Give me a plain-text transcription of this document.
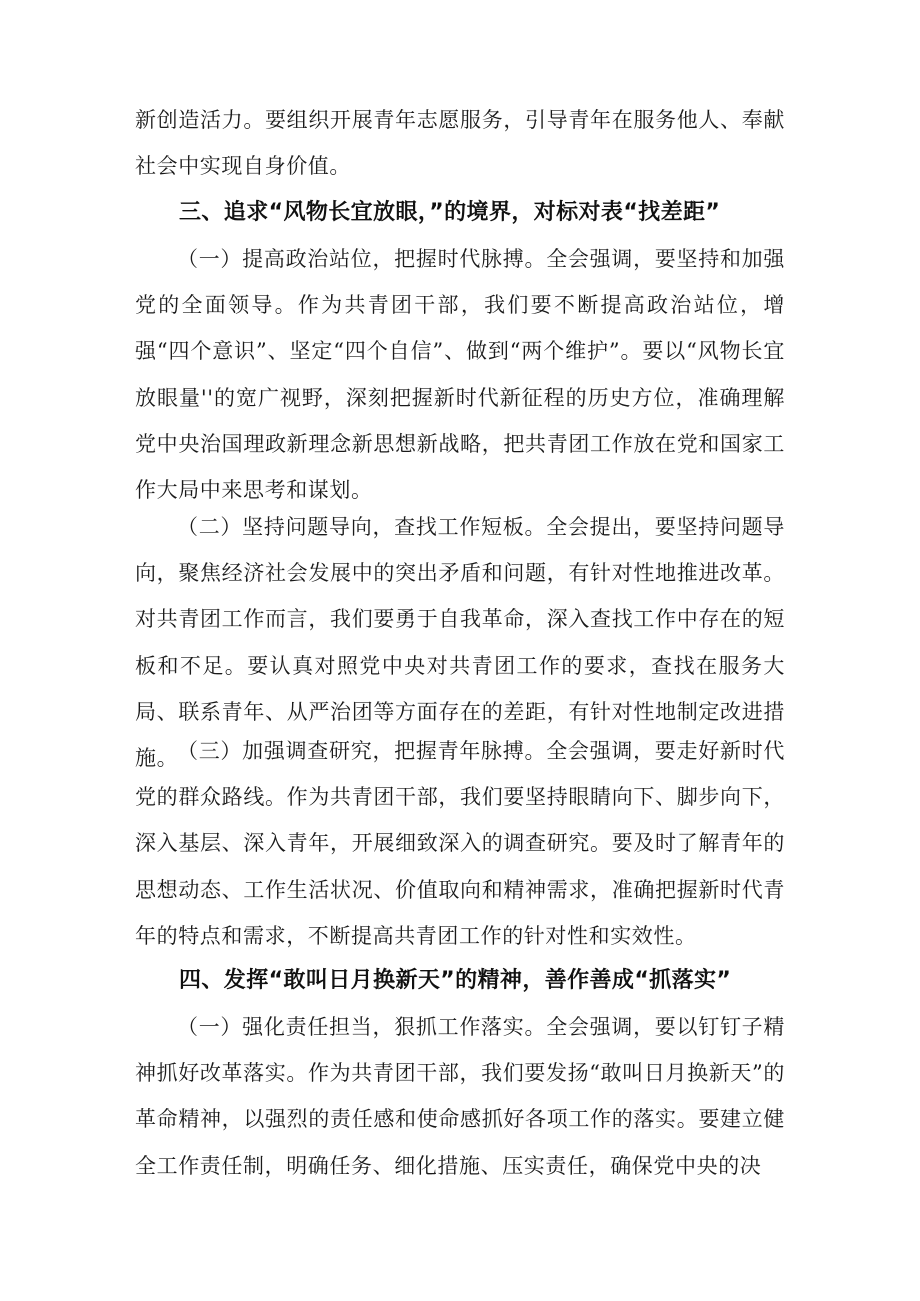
新创造活力。要组织开展青年志愿服务，引导青年在服务他人、奉献社会中实现自身价值。

三、追求“风物长宜放眼，”的境界，对标对表“找差距”

（一）提高政治站位，把握时代脉搏。全会强调，要坚持和加强党的全面领导。作为共青团干部，我们要不断提高政治站位，增强“四个意识”、坚定“四个自信”、做到“两个维护”。要以“风物长宜放眼量''的宽广视野，深刻把握新时代新征程的历史方位，准确理解党中央治国理政新理念新思想新战略，把共青团工作放在党和国家工作大局中来思考和谋划。

（二）坚持问题导向，查找工作短板。全会提出，要坚持问题导向，聚焦经济社会发展中的突出矛盾和问题，有针对性地推进改革。对共青团工作而言，我们要勇于自我革命，深入查找工作中存在的短板和不足。要认真对照党中央对共青团工作的要求，查找在服务大局、联系青年、从严治团等方面存在的差距，有针对性地制定改进措施。

（三）加强调查研究，把握青年脉搏。全会强调，要走好新时代党的群众路线。作为共青团干部，我们要坚持眼睛向下、脚步向下，深入基层、深入青年，开展细致深入的调查研究。要及时了解青年的思想动态、工作生活状况、价值取向和精神需求，准确把握新时代青年的特点和需求，不断提高共青团工作的针对性和实效性。

四、发挥“敢叫日月换新天”的精神，善作善成“抓落实”

（一）强化责任担当，狠抓工作落实。全会强调，要以钉钉子精神抓好改革落实。作为共青团干部，我们要发扬“敢叫日月换新天”的革命精神，以强烈的责任感和使命感抓好各项工作的落实。要建立健全工作责任制，明确任务、细化措施、压实责任，确保党中央的决
